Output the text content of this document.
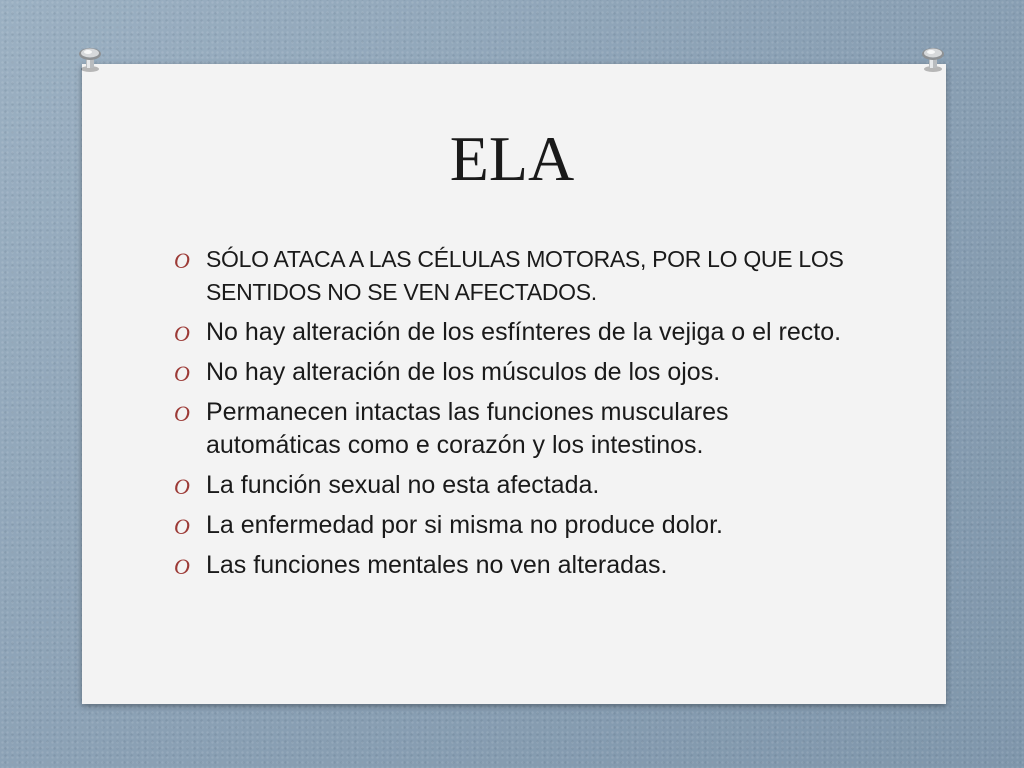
ELA
O SÓLO ATACA A LAS CÉLULAS MOTORAS, POR LO QUE LOS SENTIDOS NO SE VEN AFECTADOS.
O No hay alteración de los esfínteres de la vejiga o el recto.
O No hay alteración de los músculos de los ojos.
O Permanecen intactas las funciones musculares automáticas como e corazón y los intestinos.
O La función sexual no esta afectada.
O La enfermedad por si misma no produce dolor.
O Las funciones mentales no ven alteradas.
